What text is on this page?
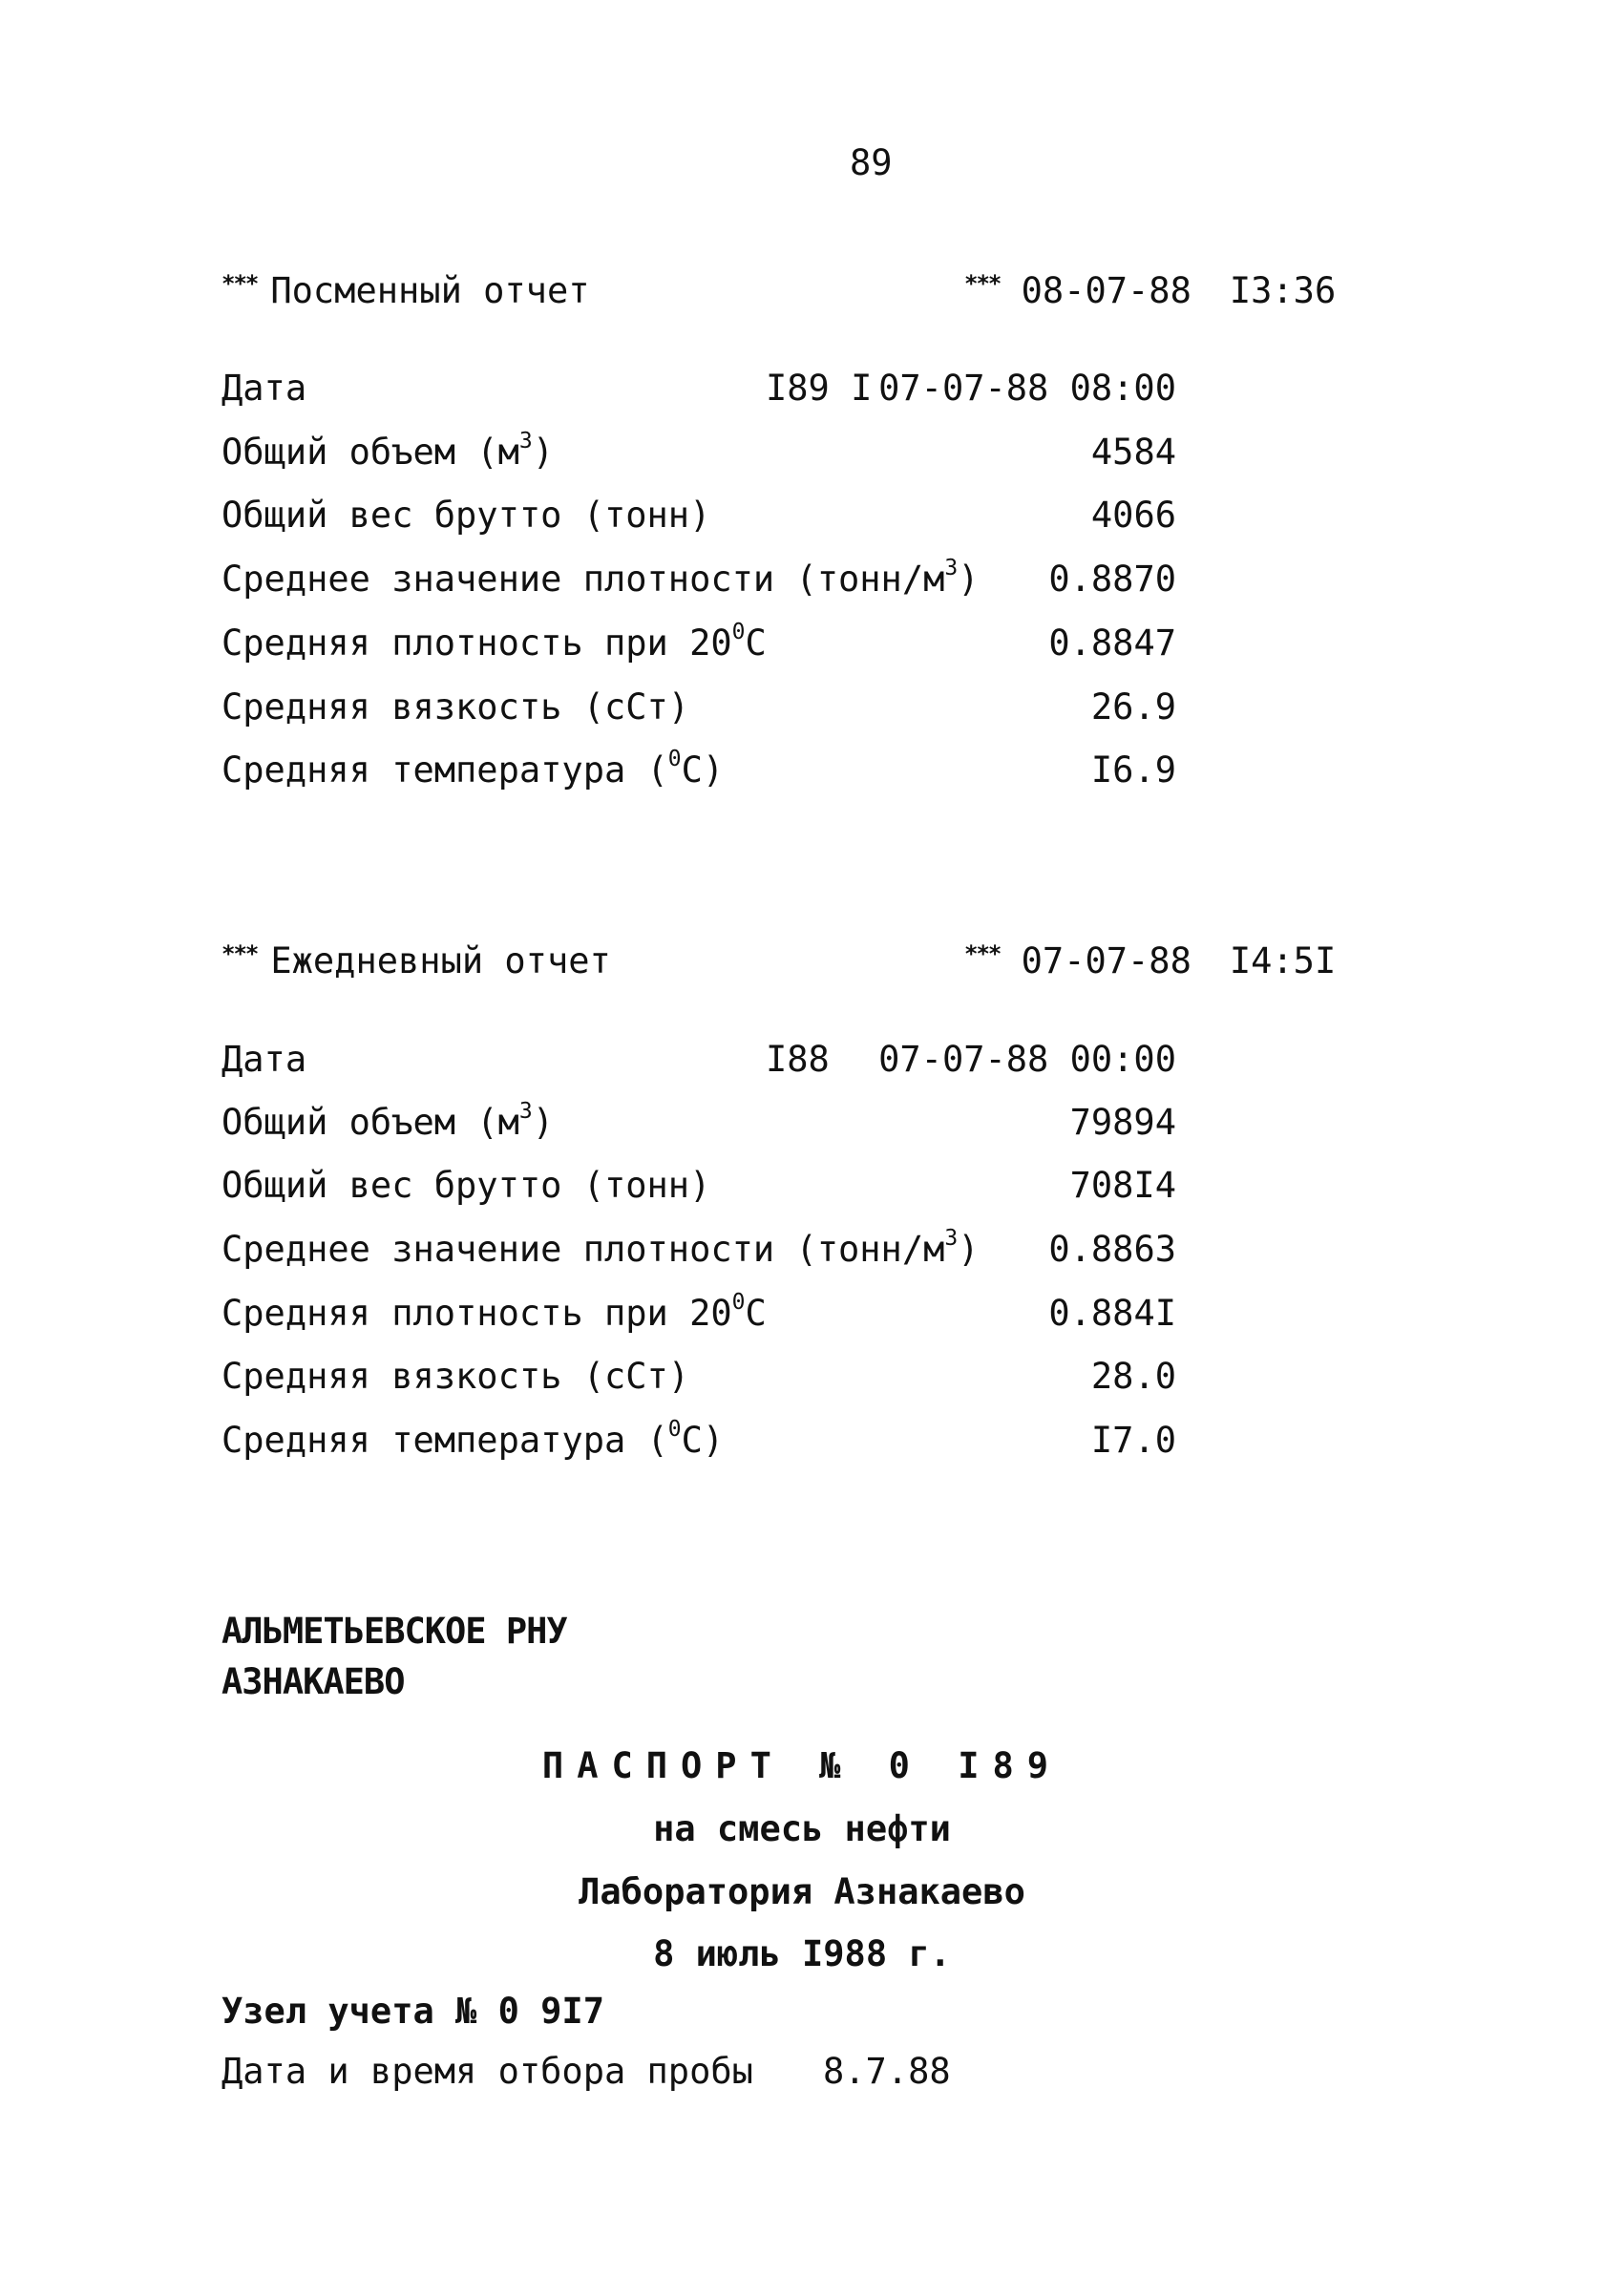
89
*** Посменный отчет	*** 08-07-88 I3:36
Дата	I89 I 07-07-88 08:00
Общий объем $(м^3)$	4584
Общий вес брутто (тонн)	4066
Среднее значение плотности $(тонн/м^3)$ 0.8870
Средняя плотность при $20^0С$	0.8847
Средняя вязкость (сСт)	26.9
Средняя температура ($^0$С)	I6.9
*** Ежедневный отчет	*** 07-07-88 I4:5I
Дата	I88 07-07-88 00:00
Общий объем $(м^3)$	79894
Общий вес брутто (тонн)	708I4
Среднее значение плотности $(тонн/м^3)$ 0.8863
Средняя плотность при $20^0С$	0.884I
Средняя вязкость (сСт)	28.0
Средняя температура ($^0$С)	I7.0
АЛЬМЕТЬЕВСКОЕ РНУ
АЗНАКАЕВО
ПАСПОРТ № 0 I89
на смесь нефти
Лаборатория Азнакаево
8 июль I988 г.
Узел учета № 0 9I7
Дата и время отбора пробы 8.7.88
